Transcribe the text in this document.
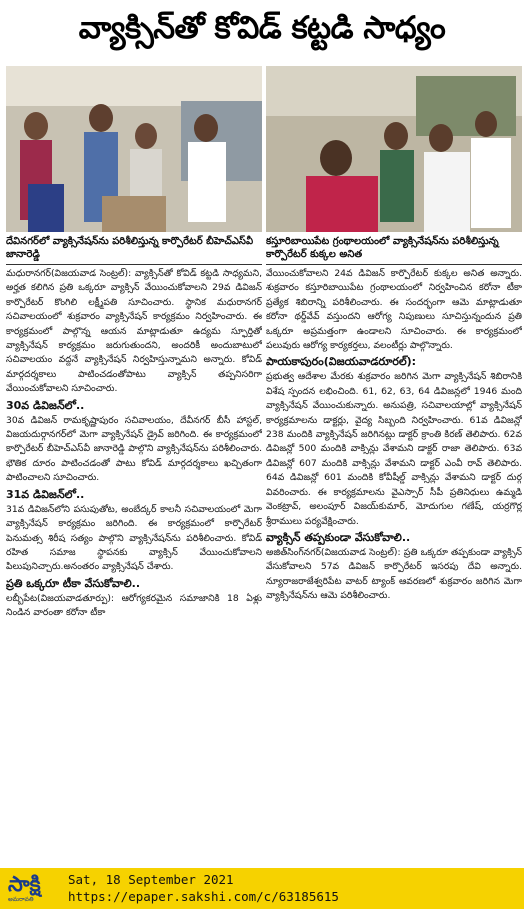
వ్యాక్సిన్‌తో కోవిడ్ కట్టడి సాధ్యం
దేవినగర్‌లో వ్యాక్సినేషన్‌ను పరిశీలిస్తున్న కార్పొరేటర్ బీహెచ్ఎస్‌వీ జానారెడ్డి

మధురానగర్(విజయవాడ సెంట్రల్): వ్యాక్సిన్‌తో కోవిడ్ కట్టడి సాధ్యమని, అర్హత కలిగిన ప్రతి ఒక్కరూ వ్యాక్సిన్ వేయించుకోవాలని 29వ డివిజన్ కార్పొరేటర్ కొంగిలి లక్ష్మీపతి సూచించారు. స్థానిక మధురానగర్ సచివాలయంలో శుక్రవారం వ్యాక్సినేషన్ కార్యక్రమం నిర్వహించారు. ఈ కార్యక్రమంలో పాల్గొన్న ఆయన మాట్లాడుతూ ఉద్యమ స్ఫూర్తితో వ్యాక్సినేషన్ కార్యక్రమం జరుగుతుందని, అందరికీ అందుబాటులో సచివాలయం వద్దనే వ్యాక్సినేషన్ నిర్వహిస్తున్నామని అన్నారు. కోవిడ్ మార్గదర్శకాలు పాటించడంతోపాటు వ్యాక్సిన్ తప్పనిసరిగా వేయించుకోవాలని సూచించారు.

30వ డివిజన్‌లో..

30వ డివిజన్ రామకృష్ణాపురం సచివాలయం, దేవీనగర్ బీసీ హాస్టల్, విజయదుర్గానగర్‌లో మెగా వ్యాక్సినేషన్ డ్రైవ్ జరిగింది. ఈ కార్యక్రమంలో కార్పొరేటర్ బీహెచ్ఎస్‌వీ జానారెడ్డి పాల్గొని వ్యాక్సినేషన్‌ను పరిశీలించారు. భౌతిక దూరం పాటించడంతో పాటు కోవిడ్ మార్గదర్శకాలు ఖచ్చితంగా పాటించాలని సూచించారు.

31వ డివిజన్‌లో..

31వ డివిజన్‌లోని పసుపుతోట, అంబేద్కర్ కాలనీ సచివాలయంలో మెగా వ్యాక్సినేషన్ కార్యక్రమం జరిగింది. ఈ కార్యక్రమంలో కార్పొరేటర్ పెనుమత్స శిరీష సత్యం పాల్గొని వ్యాక్సినేషన్‌ను పరిశీలించారు. కోవిడ్ రహిత సమాజ స్థాపనకు వ్యాక్సిన్ వేయించుకోవాలని పిలుపునిచ్చారు.అనంతరం వ్యాక్సినేషన్ చేశారు.

ప్రతి ఒక్కరూ టీకా వేసుకోవాలి..

లబ్బీపేట(విజయవాడతూర్పు): ఆరోగ్యకరమైన సమాజానికి 18 ఏళ్లు నిండిన వారంతా కరోనా టీకా

కస్తూరిబాయిపేట గ్రంథాలయంలో వ్యాక్సినేషన్‌ను పరిశీలిస్తున్న కార్పొరేటర్ కుక్కల అనిత

వేయించుకోవాలని 24వ డివిజన్ కార్పొరేటర్ కుక్కల అనిత అన్నారు. శుక్రవారం కస్తూరిబాయిపేట గ్రంథాలయంలో నిర్వహించిన కరోనా టీకా ప్రత్యేక శిబిరాన్ని పరిశీలించారు. ఈ సందర్భంగా ఆమె మాట్లాడుతూ కరోనా థర్డ్‌వేవ్ వస్తుందని ఆరోగ్య నిపుణులు సూచిస్తున్నందున ప్రతి ఒక్కరూ అప్రమత్తంగా ఉండాలని సూచించారు. ఈ కార్యక్రమంలో పలువురు ఆరోగ్య కార్యకర్తలు, వలంటీర్లు పాల్గొన్నారు.

పాయకాపురం(విజయవాడరూరల్):

ప్రభుత్వ ఆదేశాల మేరకు శుక్రవారం జరిగిన మెగా వ్యాక్సినేషన్ శిబిరానికి విశేష స్పందన లభించింది. 61, 62, 63, 64 డివిజన్లలో 1946 మంది వ్యాక్సినేషన్ వేయించుకున్నారు. అనుపత్రి, సచివాలయాల్లో వ్యాక్సినేషన్ కార్యక్రమాలను డాక్టర్లు, వైద్య సిబ్బంది నిర్వహించారు. 61వ డివిజన్లో 238 మందికి వ్యాక్సినేషన్ జరిగినట్లు డాక్టర్ క్రాంతి కిరణ్ తెలిపారు. 62వ డివిజన్లో 500 మందికి వాక్సిన్లు వేశామని డాక్టర్ రాజా తెలిపారు. 63వ డివిజన్లో 607 మందికి వాక్సిన్లు వేశామని డాక్టర్ ఎంవీ రావ్ తెలిపారు. 64వ డివిజన్లో 601 మందికి కోవీషీల్డ్ వాక్సిన్లు వేశామని డాక్టర్ దుర్గ వివరించారు. ఈ కార్యక్రమాలను వైఎస్సార్ సీపీ ప్రతినిధులు ఉమ్మడి వెంకట్రావ్, అలంపూర్ విజయ్‌కుమార్, మోదుగుల గణేష్, యర్రగొర్ల శ్రీరాములు పర్యవేక్షించారు.

వ్యాక్సిన్ తప్పకుండా వేసుకోవాలి..

అజిత్‌సింగ్‌నగర్(విజయవాడ సెంట్రల్): ప్రతి ఒక్కరూ తప్పకుండా వ్యాక్సిన్ వేసుకోవాలని 57వ డివిజన్ కార్పొరేటర్ ఇసరపు దేవి అన్నారు. న్యూరాజరాజేశ్వరిపేట వాటర్ ట్యాంక్ ఆవరణలో శుక్రవారం జరిగిన మెగా వ్యాక్సినేషన్‌ను ఆమె పరిశీలించారు.

సాక్షి
అమరావతి
Sat, 18 September 2021
https://epaper.sakshi.com/c/63185615
